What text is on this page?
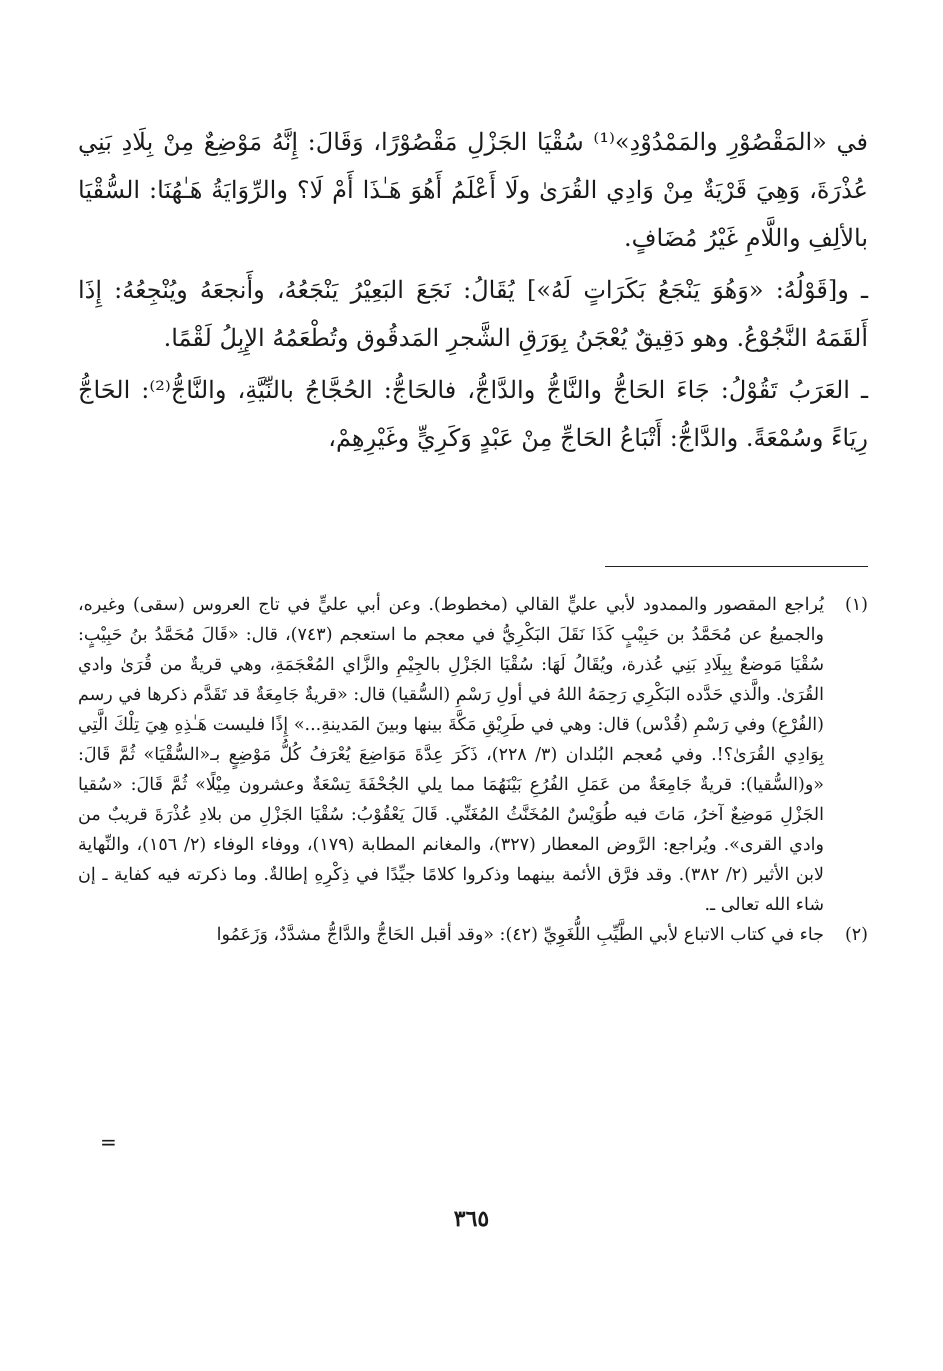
في «المَقْصُوْرِ والمَمْدُوْدِ»⁽¹⁾ سُقْيَا الجَزْلِ مَقْصُوْرًا، وَقَالَ: إِنَّهُ مَوْضِعٌ مِنْ بِلَادِ بَنِي عُذْرَةَ، وَهِيَ قَرْيَةٌ مِنْ وَادِي القُرَىٰ ولَا أَعْلَمُ أَهُوَ هَـٰذَا أَمْ لَا؟ والرِّوَايَةُ هَـٰهُنَا: السُّقْيَا بالألِفِ واللَّامِ غَيْرُ مُضَافٍ.

ـ و[قَوْلُهُ: «وَهُوَ يَنْجَعُ بَكَرَاتٍ لَهُ»] يُقَالُ: نَجَعَ البَعِيْرُ يَنْجَعُهُ، وأَنجعَهُ ويُنْجِعُهُ: إِذَا أَلقَمَهُ النَّجُوْعُ. وهو دَقِيقٌ يُعْجَنُ بِوَرَقِ الشَّجرِ المَدقُوق وتُطْعَمُهُ الإِبِلُ لَقْمًا.

ـ العَرَبُ تَقُوْلُ: جَاءَ الحَاجُّ والنَّاجُّ والدَّاجُّ، فالحَاجُّ: الحُجَّاجُ بالنِّيَّةِ، والنَّاجُّ⁽²⁾: الحَاجُّ رِيَاءً وسُمْعَةً. والدَّاجُّ: أَتْبَاعُ الحَاجِّ مِنْ عَبْدٍ وَكَرِيٍّ وغَيْرِهِمْ،

(١)
يُراجع المقصور والممدود لأبي عليٍّ القالي (مخطوط). وعن أبي عليٍّ في تاج العروس (سقى) وغيره، والجميعُ عن مُحَمَّدُ بن حَبِيْبٍ كَذَا نَقَلَ البَكْرِيُّ في معجم ما استعجم (٧٤٣)، قال: «قَالَ مُحَمَّدُ بنُ حَبِيْبٍ: سُقْيَا مَوضعٌ بِبِلَادِ بَنِي عُذرة، ويُقَالُ لَهَا: سُقْيَا الجَزْلِ بالجِيْمِ والزَّاي المُعْجَمَةِ، وهي قريةٌ من قُرَىٰ وادي القُرَىٰ. والَّذي حَدَّده البَكْرِي رَحِمَهُ اللهُ في أولِ رَسْمِ (السُّقيا) قال: «قريةٌ جَامِعَةٌ قد تَقَدَّم ذكرها في رسم (الفُرْعِ) وفي رَسْمِ (قُدْس) قال: وهي في طَرِيْقِ مَكَّةَ بينها وبينَ المَدينةِ...» إِذًا فليست هَـٰذِهِ هِيَ تِلْكَ الَّتِي بِوَادِي القُرَىٰ؟!. وفي مُعجم البُلدان (٣/ ٢٢٨)، ذَكَرَ عِدَّةَ مَوَاضِعَ يُعْرَفُ كُلُّ مَوْضِعٍ بـ«السُّقْيَا» ثُمَّ قَالَ: «و(السُّقيا): قريةٌ جَامِعَةٌ من عَمَلِ الفُرُعِ بَيْنَهُمَا مما يلي الجُحْفَةَ تِسْعَةٌ وعشرون مِيْلًا» ثُمَّ قَالَ: «سُقيا الجَزْلِ مَوضِعٌ آخرُ، مَاتَ فيه طُوَيْسٌ المُخَنَّثُ المُغَنِّي. قَالَ يَعْقُوْبُ: سُقْيَا الجَزْلِ من بلادِ عُذْرَةَ قريبٌ من وادي القرى». ويُراجع: الرَّوض المعطار (٣٢٧)، والمغانم المطابة (١٧٩)، ووفاء الوفاء (٢/ ١٥٦)، والنِّهاية لابن الأثير (٢/ ٣٨٢). وقد فرَّق الأئمة بينهما وذكروا كلامًا جيِّدًا في ذِكْرِهِ إطالةٌ. وما ذكرته فيه كفاية ـ إن شاء الله تعالى ـ.
(٢)
جاء في كتاب الاتباع لأبي الطَّيِّبِ اللُّغَوِيِّ (٤٢): «وقد أقبل الحَاجُّ والدَّاجُّ مشدَّدٌ، وَزَعَمُوا
=
٣٦٥
